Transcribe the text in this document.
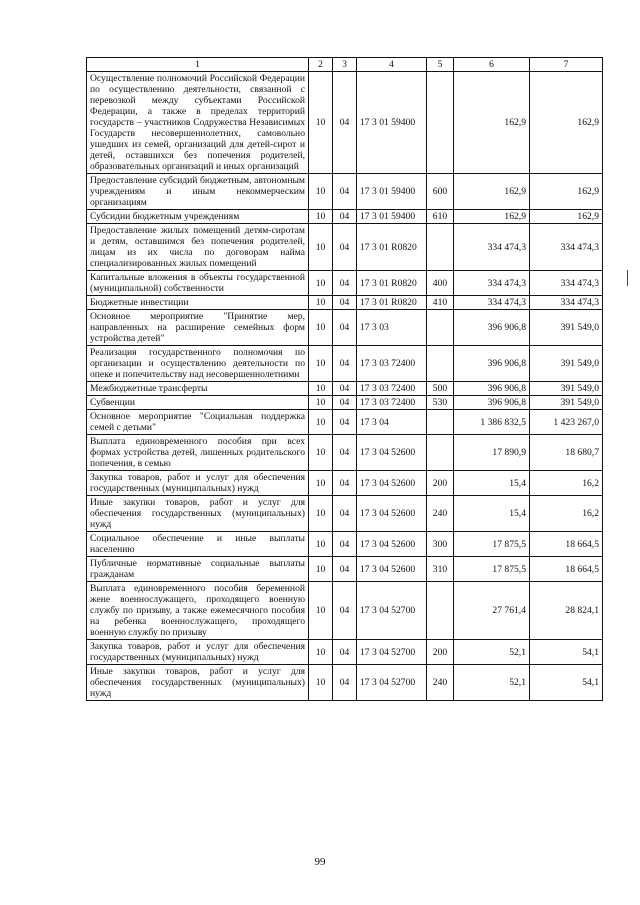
1	2	3	4	5	6	7
Осуществление полномочий Российской Федерации по осуществлению деятельности, связанной с перевозкой между субъектами Российской Федерации, а также в пределах территорий государств – участников Содружества Независимых Государств несовершеннолетних, самовольно ушедших из семей, организаций для детей-сирот и детей, оставшихся без попечения родителей, образовательных организаций и иных организаций	10	04	17 3 01 59400		162,9	162,9
Предоставление субсидий бюджетным, автономным учреждениям и иным некоммерческим организациям	10	04	17 3 01 59400	600	162,9	162,9
Субсидии бюджетным учреждениям	10	04	17 3 01 59400	610	162,9	162,9
Предоставление жилых помещений детям-сиротам и детям, оставшимся без попечения родителей, лицам из их числа по договорам найма специализированных жилых помещений	10	04	17 3 01 R0820		334 474,3	334 474,3
Капитальные вложения в объекты государственной (муниципальной) собственности	10	04	17 3 01 R0820	400	334 474,3	334 474,3
Бюджетные инвестиции	10	04	17 3 01 R0820	410	334 474,3	334 474,3
Основное мероприятие "Принятие мер, направленных на расширение семейных форм устройства детей"	10	04	17 3 03		396 906,8	391 549,0
Реализация государственного полномочия по организации и осуществлению деятельности по опеке и попечительству над несовершеннолетними	10	04	17 3 03 72400		396 906,8	391 549,0
Межбюджетные трансферты	10	04	17 3 03 72400	500	396 906,8	391 549,0
Субвенции	10	04	17 3 03 72400	530	396 906,8	391 549,0
Основное мероприятие "Социальная поддержка семей с детьми"	10	04	17 3 04		1 386 832,5	1 423 267,0
Выплата единовременного пособия при всех формах устройства детей, лишенных родительского попечения, в семью	10	04	17 3 04 52600		17 890,9	18 680,7
Закупка товаров, работ и услуг для обеспечения государственных (муниципальных) нужд	10	04	17 3 04 52600	200	15,4	16,2
Иные закупки товаров, работ и услуг для обеспечения государственных (муниципальных) нужд	10	04	17 3 04 52600	240	15,4	16,2
Социальное обеспечение и иные выплаты населению	10	04	17 3 04 52600	300	17 875,5	18 664,5
Публичные нормативные социальные выплаты гражданам	10	04	17 3 04 52600	310	17 875,5	18 664,5
Выплата единовременного пособия беременной жене военнослужащего, проходящего военную службу по призыву, а также ежемесячного пособия на ребенка военнослужащего, проходящего военную службу по призыву	10	04	17 3 04 52700		27 761,4	28 824,1
Закупка товаров, работ и услуг для обеспечения государственных (муниципальных) нужд	10	04	17 3 04 52700	200	52,1	54,1
Иные закупки товаров, работ и услуг для обеспечения государственных (муниципальных) нужд	10	04	17 3 04 52700	240	52,1	54,1
99
